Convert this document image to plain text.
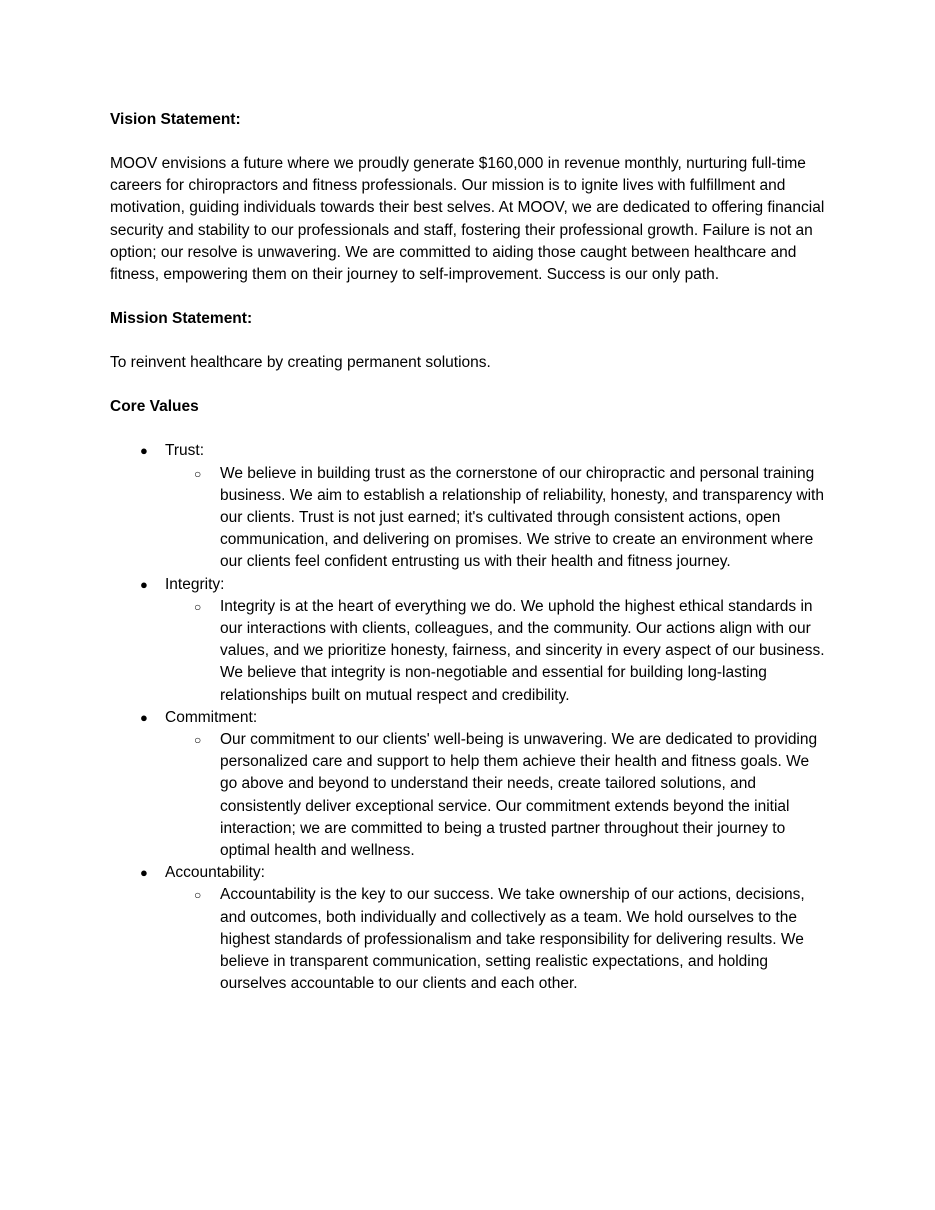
Vision Statement:

MOOV envisions a future where we proudly generate $160,000 in revenue monthly, nurturing full-time careers for chiropractors and fitness professionals. Our mission is to ignite lives with fulfillment and motivation, guiding individuals towards their best selves. At MOOV, we are dedicated to offering financial security and stability to our professionals and staff, fostering their professional growth. Failure is not an option; our resolve is unwavering. We are committed to aiding those caught between healthcare and fitness, empowering them on their journey to self-improvement. Success is our only path.

Mission Statement:

To reinvent healthcare by creating permanent solutions.

Core Values

● Trust:
○ We believe in building trust as the cornerstone of our chiropractic and personal training business. We aim to establish a relationship of reliability, honesty, and transparency with our clients. Trust is not just earned; it's cultivated through consistent actions, open communication, and delivering on promises. We strive to create an environment where our clients feel confident entrusting us with their health and fitness journey.
● Integrity:
○ Integrity is at the heart of everything we do. We uphold the highest ethical standards in our interactions with clients, colleagues, and the community. Our actions align with our values, and we prioritize honesty, fairness, and sincerity in every aspect of our business. We believe that integrity is non-negotiable and essential for building long-lasting relationships built on mutual respect and credibility.
● Commitment:
○ Our commitment to our clients' well-being is unwavering. We are dedicated to providing personalized care and support to help them achieve their health and fitness goals. We go above and beyond to understand their needs, create tailored solutions, and consistently deliver exceptional service. Our commitment extends beyond the initial interaction; we are committed to being a trusted partner throughout their journey to optimal health and wellness.
● Accountability:
○ Accountability is the key to our success. We take ownership of our actions, decisions, and outcomes, both individually and collectively as a team. We hold ourselves to the highest standards of professionalism and take responsibility for delivering results. We believe in transparent communication, setting realistic expectations, and holding ourselves accountable to our clients and each other.
